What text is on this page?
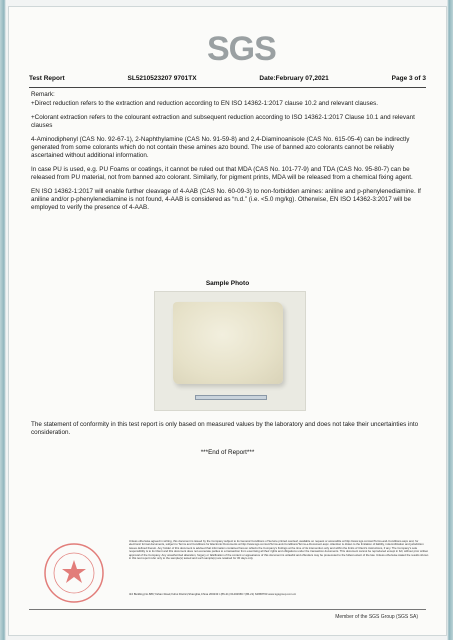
SGS
Test Report	SL5210523207 9701TX	Date:February 07,2021	Page 3 of 3

Remark:

+Direct reduction refers to the extraction and reduction according to EN ISO 14362-1:2017 clause 10.2 and relevant clauses.

+Colorant extraction refers to the colourant extraction and subsequent reduction according to ISO 14362-1:2017 Clause 10.1 and relevant clauses

4-Aminodiphenyl (CAS No. 92-67-1), 2-Naphthylamine (CAS No. 91-59-8) and 2,4-Diaminoanisole (CAS No. 615-05-4) can be indirectly generated from some colorants which do not contain these amines azo bound. The use of banned azo colorants cannot be reliably ascertained without additional information.

In case PU is used, e.g. PU Foams or coatings, it cannot be ruled out that MDA (CAS No. 101-77-9) and TDA (CAS No. 95-80-7) can be released from PU material, not from banned azo colorant. Similarly, for pigment prints, MDA will be released from a chemical fixing agent.

EN ISO 14362-1:2017 will enable further cleavage of 4-AAB (CAS No. 60-09-3) to non-forbidden amines: aniline and p-phenylenediamine. If aniline and/or p-phenylenediamine is not found, 4-AAB is considered as “n.d.” (i.e. <5.0 mg/kg). Otherwise, EN ISO 14362-3:2017 will be employed to verify the presence of 4-AAB.

Sample Photo
The statement of conformity in this test report is only based on measured values by the laboratory and does not take their uncertainties into consideration.
***End of Report***
Unless otherwise agreed in writing, this document is issued by the Company subject to its General Conditions of Service printed overleaf, available on request or accessible at http://www.sgs.com/en/Terms-and-Conditions.aspx and, for electronic format documents, subject to Terms and Conditions for Electronic Documents at http://www.sgs.com/en/Terms-and-Conditions/Terms-e-Document.aspx. Attention is drawn to the limitation of liability, indemnification and jurisdiction issues defined therein. Any holder of this document is advised that information contained hereon reflects the Company's findings at the time of its intervention only and within the limits of Client's instructions, if any. The Company's sole responsibility is to its Client and this document does not exonerate parties to a transaction from exercising all their rights and obligations under the transaction documents. This document cannot be reproduced except in full, without prior written approval of the Company. Any unauthorized alteration, forgery or falsification of the content or appearance of this document is unlawful and offenders may be prosecuted to the fullest extent of the law. Unless otherwise stated the results shown in this test report refer only to the sample(s) tested and such sample(s) are retained for 30 days only.
3rd Building,No.889,Yishan Road,Xuhui District,Shanghai,China 200233 t (86-21) 61402666 f (86-21) 64958763 www.sgsgroup.com.cn
Member of the SGS Group (SGS SA)
